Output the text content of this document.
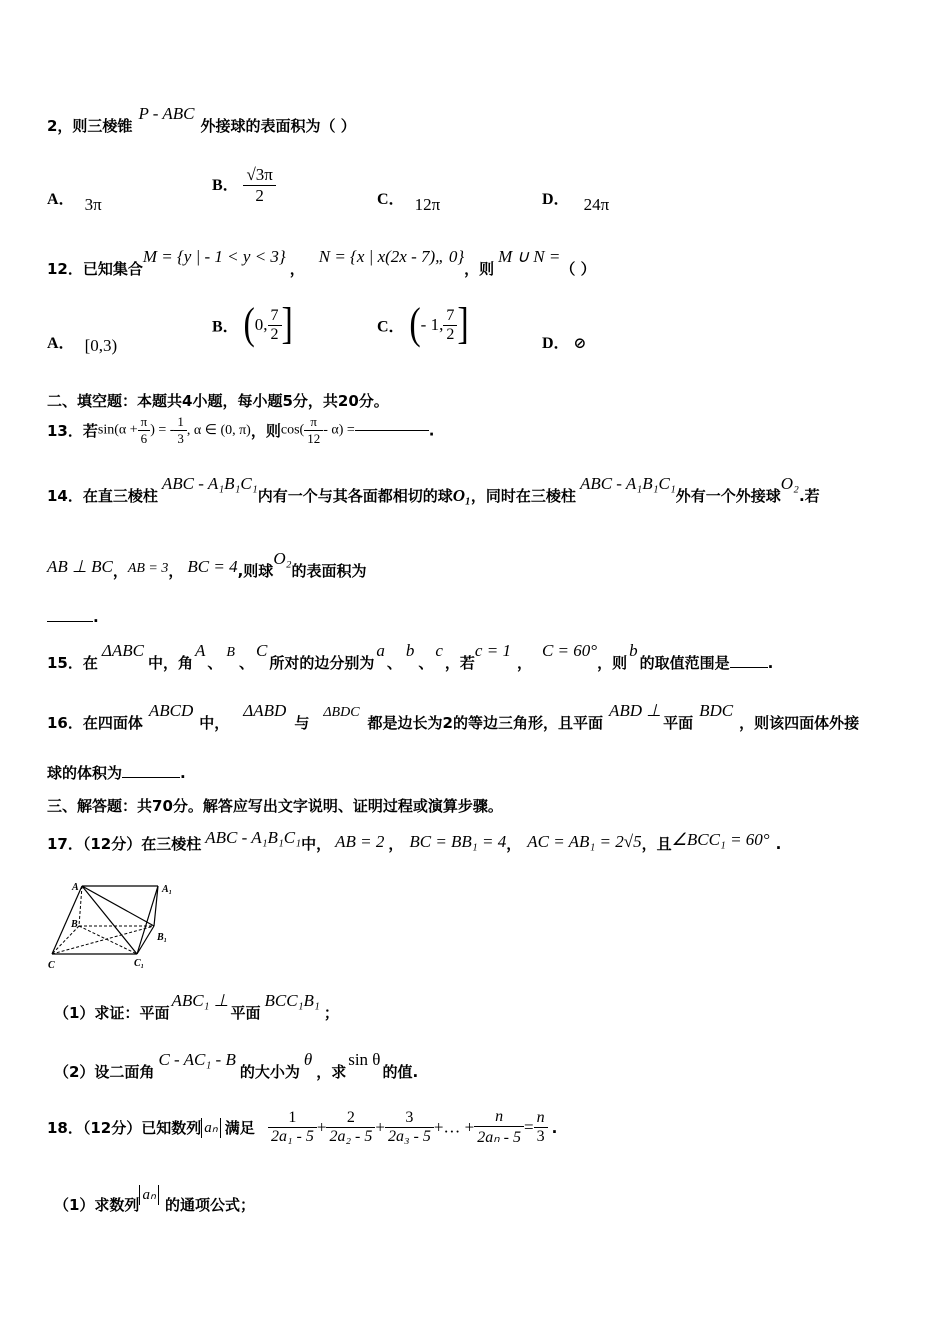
2，则三棱锥P - ABC外接球的表面积为（ ）
A． 3π
B． $\frac{√3\pi}{2}$	C． 12π	D． 24π
12．已知集合M = {y | - 1 < y < 3}，N = {x | x(2x - 7)„ 0}，则M ∪ N =（ ）
A． [0,3)
B． (0, $\frac{7}{2}$ ]	C． (- 1, $\frac{7}{2}$ ]	D． ⊘
二、填空题：本题共4小题，每小题5分，共20分。
13．若$\sin(\alpha + \frac{\pi}{6}$ ) = - $\frac{1}{3}$ , α ∈ (0, π)，则$\cos( \frac{\pi}{12} - \alpha)$ =	.
14．在直三棱柱ABC - A₁B₁C₁内有一个与其各面都相切的球O₁，同时在三棱柱ABC - A₁B₁C₁外有一个外接球O₂.若
AB ⊥ BC，AB = 3， BC = 4,则球O₂的表面积为
.
15．在ΔABC中，角A、B、C所对的边分别为a、b、c，若c = 1，C = 60°，则b的取值范围是	.
16．在四面体ABCD中，ΔABD与ΔBDC都是边长为2的等边三角形，且平面ABD ⊥平面BDC，则该四面体外接
球的体积为	.
三、解答题：共70分。解答应写出文字说明、证明过程或演算步骤。
17．（12分）在三棱柱 ABC - A₁B₁C₁中， AB = 2 ， BC = BB₁ = 4， AC = AB₁ = 2√5，且∠BCC₁ = 60° .
A	A₁
B
B₁
C	C₁
（1）求证：平面ABC₁ ⊥平面BCC₁B₁；
（2）设二面角C - AC₁ - B的大小为θ，求sin θ的值.
18．（12分）已知数列 aₙ 满足 $\frac{1}{\text{2a₁ - 5}} + \frac{2}{\text{2a₂ - 5}} + \frac{3}{\text{2a₃ - 5}}$ +… + $\frac{n}{\text{2aₙ - 5}} = \frac{n}{3}$ .
（1）求数列aₙ的通项公式；
